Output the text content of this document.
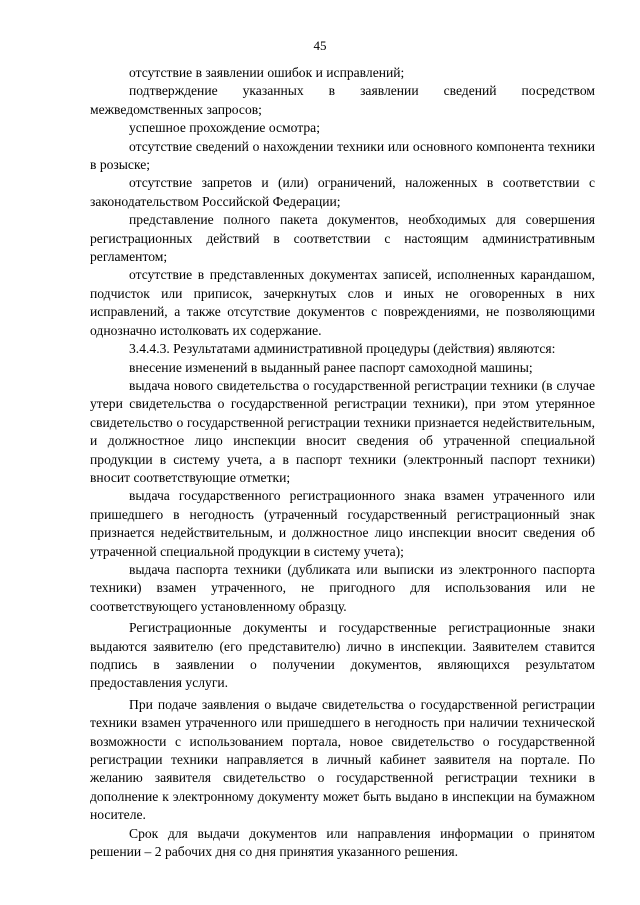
45

отсутствие в заявлении ошибок и исправлений;

подтверждение указанных в заявлении сведений посредством межведомственных запросов;

успешное прохождение осмотра;

отсутствие сведений о нахождении техники или основного компонента техники в розыске;

отсутствие запретов и (или) ограничений, наложенных в соответствии с законодательством Российской Федерации;

представление полного пакета документов, необходимых для совершения регистрационных действий в соответствии с настоящим административным регламентом;

отсутствие в представленных документах записей, исполненных карандашом, подчисток или приписок, зачеркнутых слов и иных не оговоренных в них исправлений, а также отсутствие документов с повреждениями, не позволяющими однозначно истолковать их содержание.

3.4.4.3. Результатами административной процедуры (действия) являются:

внесение изменений в выданный ранее паспорт самоходной машины;

выдача нового свидетельства о государственной регистрации техники (в случае утери свидетельства о государственной регистрации техники), при этом утерянное свидетельство о государственной регистрации техники признается недействительным, и должностное лицо инспекции вносит сведения об утраченной специальной продукции в систему учета, а в паспорт техники (электронный паспорт техники) вносит соответствующие отметки;

выдача государственного регистрационного знака взамен утраченного или пришедшего в негодность (утраченный государственный регистрационный знак признается недействительным, и должностное лицо инспекции вносит сведения об утраченной специальной продукции в систему учета);

выдача паспорта техники (дубликата или выписки из электронного паспорта техники) взамен утраченного, не пригодного для использования или не соответствующего установленному образцу.

Регистрационные документы и государственные регистрационные знаки выдаются заявителю (его представителю) лично в инспекции. Заявителем ставится подпись в заявлении о получении документов, являющихся результатом предоставления услуги.

При подаче заявления о выдаче свидетельства о государственной регистрации техники взамен утраченного или пришедшего в негодность при наличии технической возможности с использованием портала, новое свидетельство о государственной регистрации техники направляется в личный кабинет заявителя на портале. По желанию заявителя свидетельство о государственной регистрации техники в дополнение к электронному документу может быть выдано в инспекции на бумажном носителе.

Срок для выдачи документов или направления информации о принятом решении – 2 рабочих дня со дня принятия указанного решения.
